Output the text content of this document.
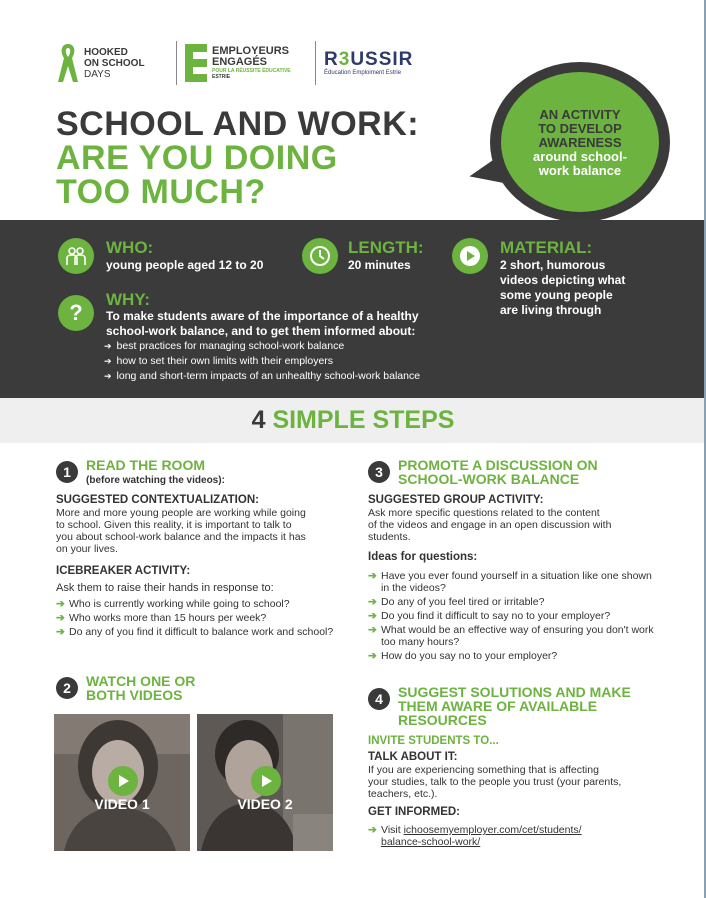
HOOKED
ON SCHOOL
DAYS
EMPLOYEURS
ENGAGÉS
POUR LA RÉUSSITE ÉDUCATIVE
ESTRIE
R3USSIR
Éducation Emploiment Estrie
SCHOOL AND WORK:
ARE YOU DOING
TOO MUCH?
AN ACTIVITY
TO DEVELOP
AWARENESS
around school-
work balance
WHO:
young people aged 12 to 20
LENGTH:
20 minutes
MATERIAL:
2 short, humorous
videos depicting what
some young people
are living through
?
WHY:
To make students aware of the importance of a healthy
school-work balance, and to get them informed about:
➔ best practices for managing school-work balance
➔ how to set their own limits with their employers
➔ long and short-term impacts of an unhealthy school-work balance
4
SIMPLE STEPS
1	READ THE ROOM
(before watching the videos):
SUGGESTED CONTEXTUALIZATION:
More and more young people are working while going
to school. Given this reality, it is important to talk to
you about school-work balance and the impacts it has
on your lives.
ICEBREAKER ACTIVITY:
Ask them to raise their hands in response to:
➔ Who is currently working while going to school?
➔ Who works more than 15 hours per week?
➔ Do any of you find it difficult to balance work and school?
2	WATCH ONE OR
BOTH VIDEOS
VIDEO 1	VIDEO 2
3	PROMOTE A DISCUSSION ON
SCHOOL-WORK BALANCE
SUGGESTED GROUP ACTIVITY:
Ask more specific questions related to the content
of the videos and engage in an open discussion with
students.
Ideas for questions:
➔ Have you ever found yourself in a situation like one shown in the videos?
➔ Do any of you feel tired or irritable?
➔ Do you find it difficult to say no to your employer?
➔ What would be an effective way of ensuring you don't work too many hours?
➔ How do you say no to your employer?
4	SUGGEST SOLUTIONS AND MAKE
THEM AWARE OF AVAILABLE
RESOURCES
INVITE STUDENTS TO...
TALK ABOUT IT:
If you are experiencing something that is affecting
your studies, talk to the people you trust (your parents,
teachers, etc.).
GET INFORMED:
➔ Visit ichoosemyemployer.com/cet/students/
balance-school-work/
